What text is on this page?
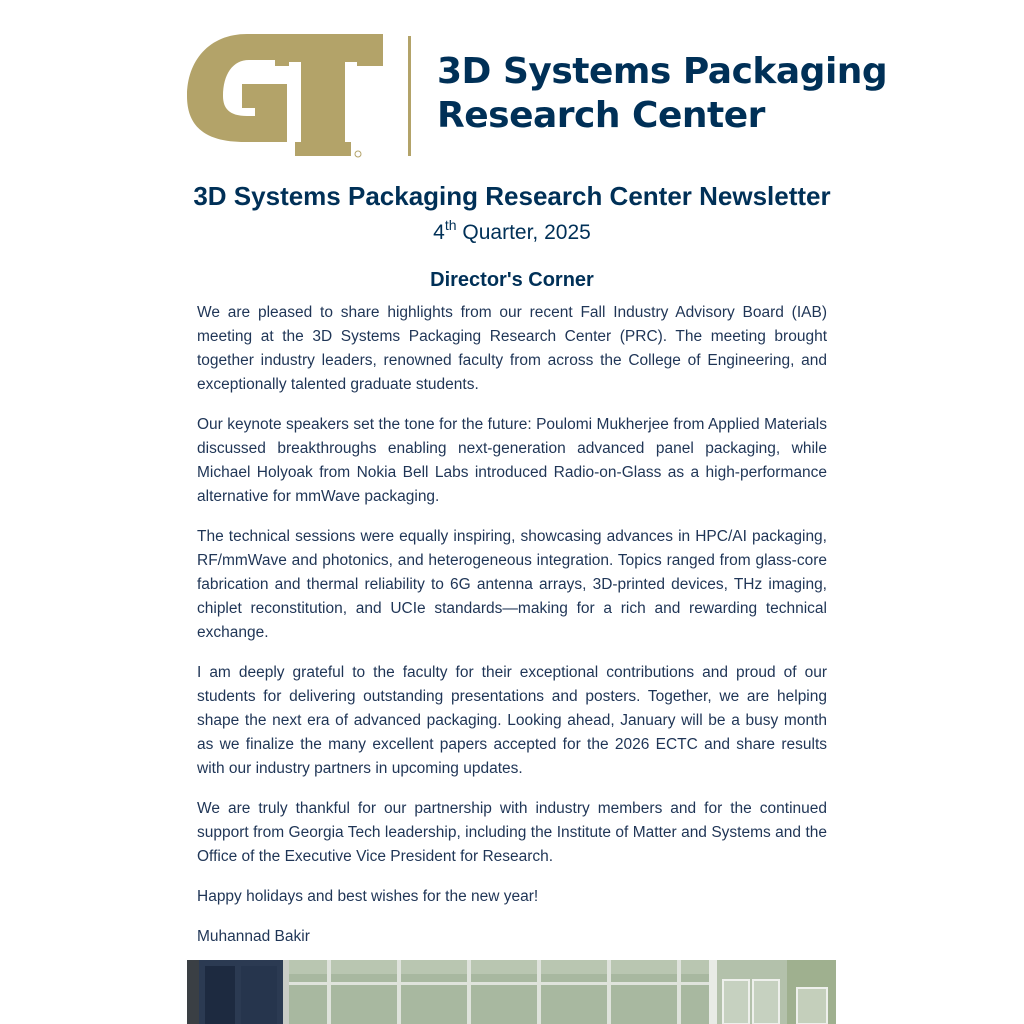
3D Systems Packaging
Research Center
3D Systems Packaging Research Center Newsletter
4th Quarter, 2025
Director's Corner

We are pleased to share highlights from our recent Fall Industry Advisory Board (IAB) meeting at the 3D Systems Packaging Research Center (PRC). The meeting brought together industry leaders, renowned faculty from across the College of Engineering, and exceptionally talented graduate students.

Our keynote speakers set the tone for the future: Poulomi Mukherjee from Applied Materials discussed breakthroughs enabling next-generation advanced panel packaging, while Michael Holyoak from Nokia Bell Labs introduced Radio-on-Glass as a high-performance alternative for mmWave packaging.

The technical sessions were equally inspiring, showcasing advances in HPC/AI packaging, RF/mmWave and photonics, and heterogeneous integration. Topics ranged from glass-core fabrication and thermal reliability to 6G antenna arrays, 3D-printed devices, THz imaging, chiplet reconstitution, and UCIe standards—making for a rich and rewarding technical exchange.

I am deeply grateful to the faculty for their exceptional contributions and proud of our students for delivering outstanding presentations and posters. Together, we are helping shape the next era of advanced packaging. Looking ahead, January will be a busy month as we finalize the many excellent papers accepted for the 2026 ECTC and share results with our industry partners in upcoming updates.

We are truly thankful for our partnership with industry members and for the continued support from Georgia Tech leadership, including the Institute of Matter and Systems and the Office of the Executive Vice President for Research.

Happy holidays and best wishes for the new year!

Muhannad Bakir
